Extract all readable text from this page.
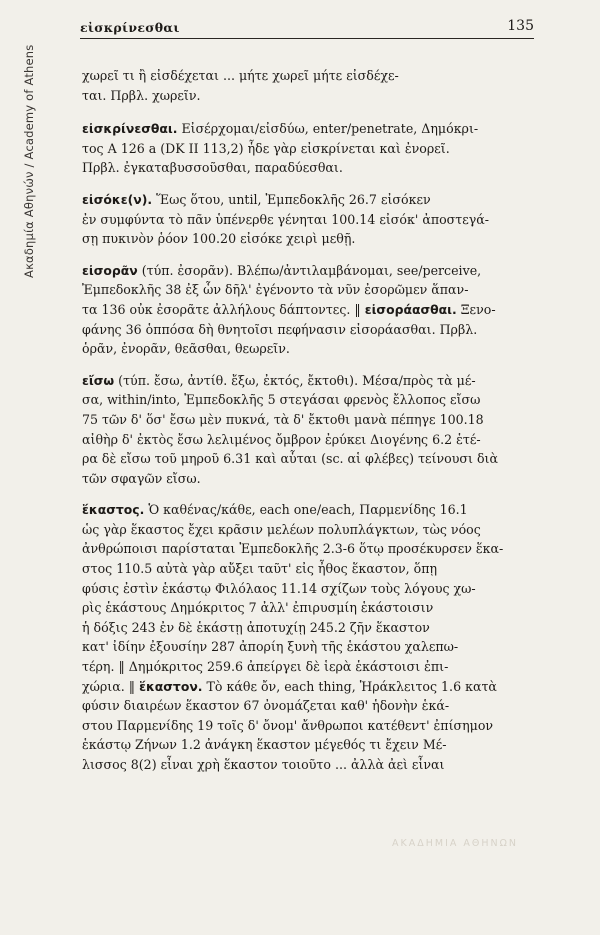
Ακαδημία Αθηνών / Academy of Athens
εἰσκρίνεσθαι	135
χωρεῖ τι ἢ εἰσδέχεται ... μήτε χωρεῖ μήτε εἰσδέχε-
ται. Πρβλ. χωρεῖν.
εἰσκρίνεσθαι. Εἰσέρχομαι/εἰσδύω, enter/penetrate, Δημόκρι-
τος A 126 a (DK II 113,2) ἧδε γὰρ εἰσκρίνεται καὶ ἐνορεῖ.
Πρβλ. ἐγκαταβυσσοῦσθαι, παραδύεσθαι.
εἰσόκε(ν). Ἕως ὅτου, until, Ἐμπεδοκλῆς 26.7 εἰσόκεν
ἐν συμφύντα τὸ πᾶν ὑπένερθε γένηται 100.14 εἰσόκ' ἀποστεγά-
σῃ πυκινὸν ῥόον 100.20 εἰσόκε χειρὶ μεθῇ.
εἰσορᾶν (τύπ. ἐσορᾶν). Βλέπω/ἀντιλαμβάνομαι, see/perceive,
Ἐμπεδοκλῆς 38 ἐξ ὧν δῆλ' ἐγένοντο τὰ νῦν ἐσορῶμεν ἅπαν-
τα 136 οὐκ ἐσορᾶτε ἀλλήλους δάπτοντες. ‖ εἰσοράασθαι. Ξενο-
φάνης 36 ὁππόσα δὴ θνητοῖσι πεφήνασιν εἰσοράασθαι. Πρβλ.
ὁρᾶν, ἐνορᾶν, θεᾶσθαι, θεωρεῖν.
εἴσω (τύπ. ἔσω, ἀντίθ. ἔξω, ἐκτός, ἔκτοθι). Μέσα/πρὸς τὰ μέ-
σα, within/into, Ἐμπεδοκλῆς 5 στεγάσαι φρενὸς ἔλλοπος εἴσω
75 τῶν δ' ὅσ' ἔσω μὲν πυκνά, τὰ δ' ἔκτοθι μανὰ πέπηγε 100.18
αἰθὴρ δ' ἐκτὸς ἔσω λελιμένος ὄμβρον ἐρύκει Διογένης 6.2 ἑτέ-
ρα δὲ εἴσω τοῦ μηροῦ 6.31 καὶ αὗται (sc. αἱ φλέβες) τείνουσι διὰ
τῶν σφαγῶν εἴσω.
ἕκαστος. Ὁ καθένας/κάθε, each one/each, Παρμενίδης 16.1
ὡς γὰρ ἕκαστος ἔχει κρᾶσιν μελέων πολυπλάγκτων, τὼς νόος
ἀνθρώποισι παρίσταται Ἐμπεδοκλῆς 2.3-6 ὅτῳ προσέκυρσεν ἕκα-
στος 110.5 αὐτὰ γὰρ αὔξει ταῦτ' εἰς ἦθος ἕκαστον, ὅπῃ
φύσις ἐστὶν ἑκάστῳ Φιλόλαος 11.14 σχίζων τοὺς λόγους χω-
ρὶς ἑκάστους Δημόκριτος 7 ἀλλ' ἐπιρυσμίη ἑκάστοισιν
ἡ δόξις 243 ἐν δὲ ἑκάστῃ ἀποτυχίῃ 245.2 ζῆν ἕκαστον
κατ' ἰδίην ἐξουσίην 287 ἀπορίη ξυνὴ τῆς ἑκάστου χαλεπω-
τέρη. ‖ Δημόκριτος 259.6 ἀπείργει δὲ ἱερὰ ἑκάστοισι ἐπι-
χώρια. ‖ ἕκαστον. Τὸ κάθε ὄν, each thing, Ἡράκλειτος 1.6 κατὰ
φύσιν διαιρέων ἕκαστον 67 ὀνομάζεται καθ' ἡδονὴν ἑκά-
στου Παρμενίδης 19 τοῖς δ' ὄνομ' ἄνθρωποι κατέθεντ' ἐπίσημον
ἑκάστῳ Ζήνων 1.2 ἀνάγκη ἕκαστον μέγεθός τι ἔχειν Μέ-
λισσος 8(2) εἶναι χρὴ ἕκαστον τοιοῦτο ... ἀλλὰ ἀεὶ εἶναι
ΑΚΑΔΗΜΙΑ ΑΘΗΝΩΝ
